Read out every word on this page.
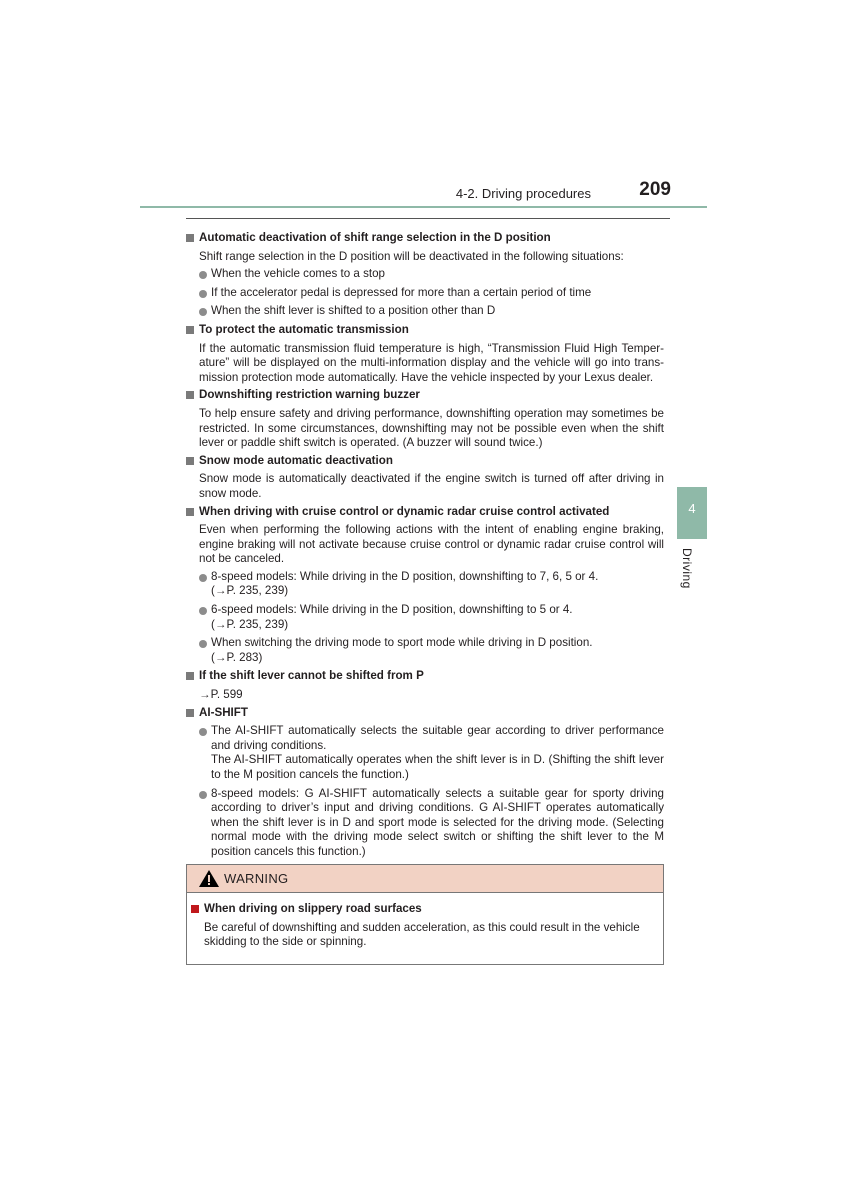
4-2. Driving procedures	209
4
Driving
Automatic deactivation of shift range selection in the D position
Shift range selection in the D position will be deactivated in the following situations:
When the vehicle comes to a stop
If the accelerator pedal is depressed for more than a certain period of time
When the shift lever is shifted to a position other than D
To protect the automatic transmission
If the automatic transmission fluid temperature is high, “Transmission Fluid High Temper-ature” will be displayed on the multi-information display and the vehicle will go into trans-mission protection mode automatically. Have the vehicle inspected by your Lexus dealer.
Downshifting restriction warning buzzer
To help ensure safety and driving performance, downshifting operation may sometimes be restricted. In some circumstances, downshifting may not be possible even when the shift lever or paddle shift switch is operated. (A buzzer will sound twice.)
Snow mode automatic deactivation
Snow mode is automatically deactivated if the engine switch is turned off after driving in snow mode.
When driving with cruise control or dynamic radar cruise control activated
Even when performing the following actions with the intent of enabling engine braking, engine braking will not activate because cruise control or dynamic radar cruise control will not be canceled.
8-speed models: While driving in the D position, downshifting to 7, 6, 5 or 4.
(→P. 235, 239)
6-speed models: While driving in the D position, downshifting to 5 or 4.
(→P. 235, 239)
When switching the driving mode to sport mode while driving in D position.
(→P. 283)
If the shift lever cannot be shifted from P
→P. 599
AI-SHIFT
The AI-SHIFT automatically selects the suitable gear according to driver performance and driving conditions.
The AI-SHIFT automatically operates when the shift lever is in D. (Shifting the shift lever to the M position cancels the function.)
8-speed models: G AI-SHIFT automatically selects a suitable gear for sporty driving according to driver’s input and driving conditions. G AI-SHIFT operates automatically when the shift lever is in D and sport mode is selected for the driving mode. (Selecting normal mode with the driving mode select switch or shifting the shift lever to the M position cancels this function.)
WARNING
When driving on slippery road surfaces
Be careful of downshifting and sudden acceleration, as this could result in the vehicle skidding to the side or spinning.
